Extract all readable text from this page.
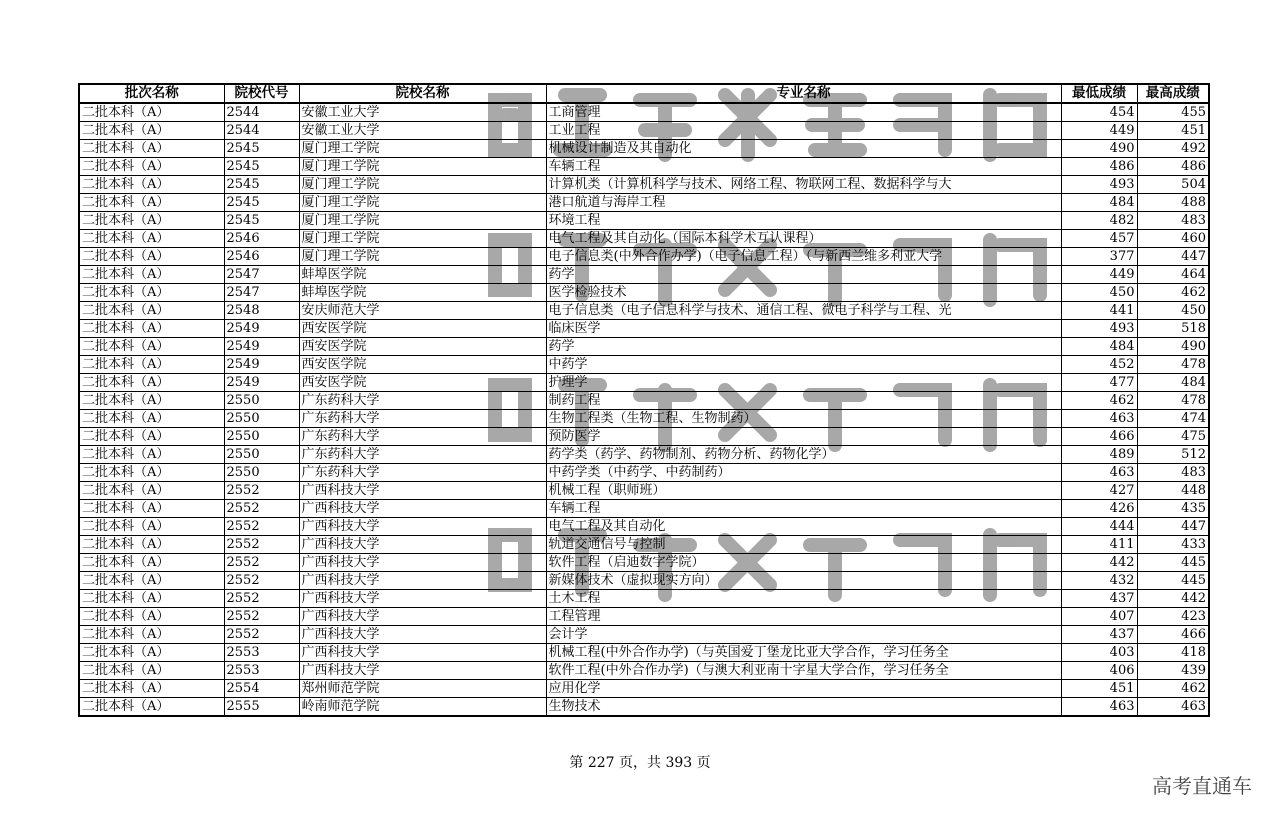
批次名称	院校代号	院校名称	专业名称	最低成绩	最高成绩
二批本科（A）	2544	安徽工业大学	工商管理	454	455
二批本科（A）	2544	安徽工业大学	工业工程	449	451
二批本科（A）	2545	厦门理工学院	机械设计制造及其自动化	490	492
二批本科（A）	2545	厦门理工学院	车辆工程	486	486
二批本科（A）	2545	厦门理工学院	计算机类（计算机科学与技术、网络工程、物联网工程、数据科学与大	493	504
二批本科（A）	2545	厦门理工学院	港口航道与海岸工程	484	488
二批本科（A）	2545	厦门理工学院	环境工程	482	483
二批本科（A）	2546	厦门理工学院	电气工程及其自动化（国际本科学术互认课程）	457	460
二批本科（A）	2546	厦门理工学院	电子信息类(中外合作办学)（电子信息工程）（与新西兰维多利亚大学	377	447
二批本科（A）	2547	蚌埠医学院	药学	449	464
二批本科（A）	2547	蚌埠医学院	医学检验技术	450	462
二批本科（A）	2548	安庆师范大学	电子信息类（电子信息科学与技术、通信工程、微电子科学与工程、光	441	450
二批本科（A）	2549	西安医学院	临床医学	493	518
二批本科（A）	2549	西安医学院	药学	484	490
二批本科（A）	2549	西安医学院	中药学	452	478
二批本科（A）	2549	西安医学院	护理学	477	484
二批本科（A）	2550	广东药科大学	制药工程	462	478
二批本科（A）	2550	广东药科大学	生物工程类（生物工程、生物制药）	463	474
二批本科（A）	2550	广东药科大学	预防医学	466	475
二批本科（A）	2550	广东药科大学	药学类（药学、药物制剂、药物分析、药物化学）	489	512
二批本科（A）	2550	广东药科大学	中药学类（中药学、中药制药）	463	483
二批本科（A）	2552	广西科技大学	机械工程（职师班）	427	448
二批本科（A）	2552	广西科技大学	车辆工程	426	435
二批本科（A）	2552	广西科技大学	电气工程及其自动化	444	447
二批本科（A）	2552	广西科技大学	轨道交通信号与控制	411	433
二批本科（A）	2552	广西科技大学	软件工程（启迪数字学院）	442	445
二批本科（A）	2552	广西科技大学	新媒体技术（虚拟现实方向）	432	445
二批本科（A）	2552	广西科技大学	土木工程	437	442
二批本科（A）	2552	广西科技大学	工程管理	407	423
二批本科（A）	2552	广西科技大学	会计学	437	466
二批本科（A）	2553	广西科技大学	机械工程(中外合作办学)（与英国爱丁堡龙比亚大学合作，学习任务全	403	418
二批本科（A）	2553	广西科技大学	软件工程(中外合作办学)（与澳大利亚南十字星大学合作，学习任务全	406	439
二批本科（A）	2554	郑州师范学院	应用化学	451	462
二批本科（A）	2555	岭南师范学院	生物技术	463	463
第 227 页，共 393 页
高考直通车
